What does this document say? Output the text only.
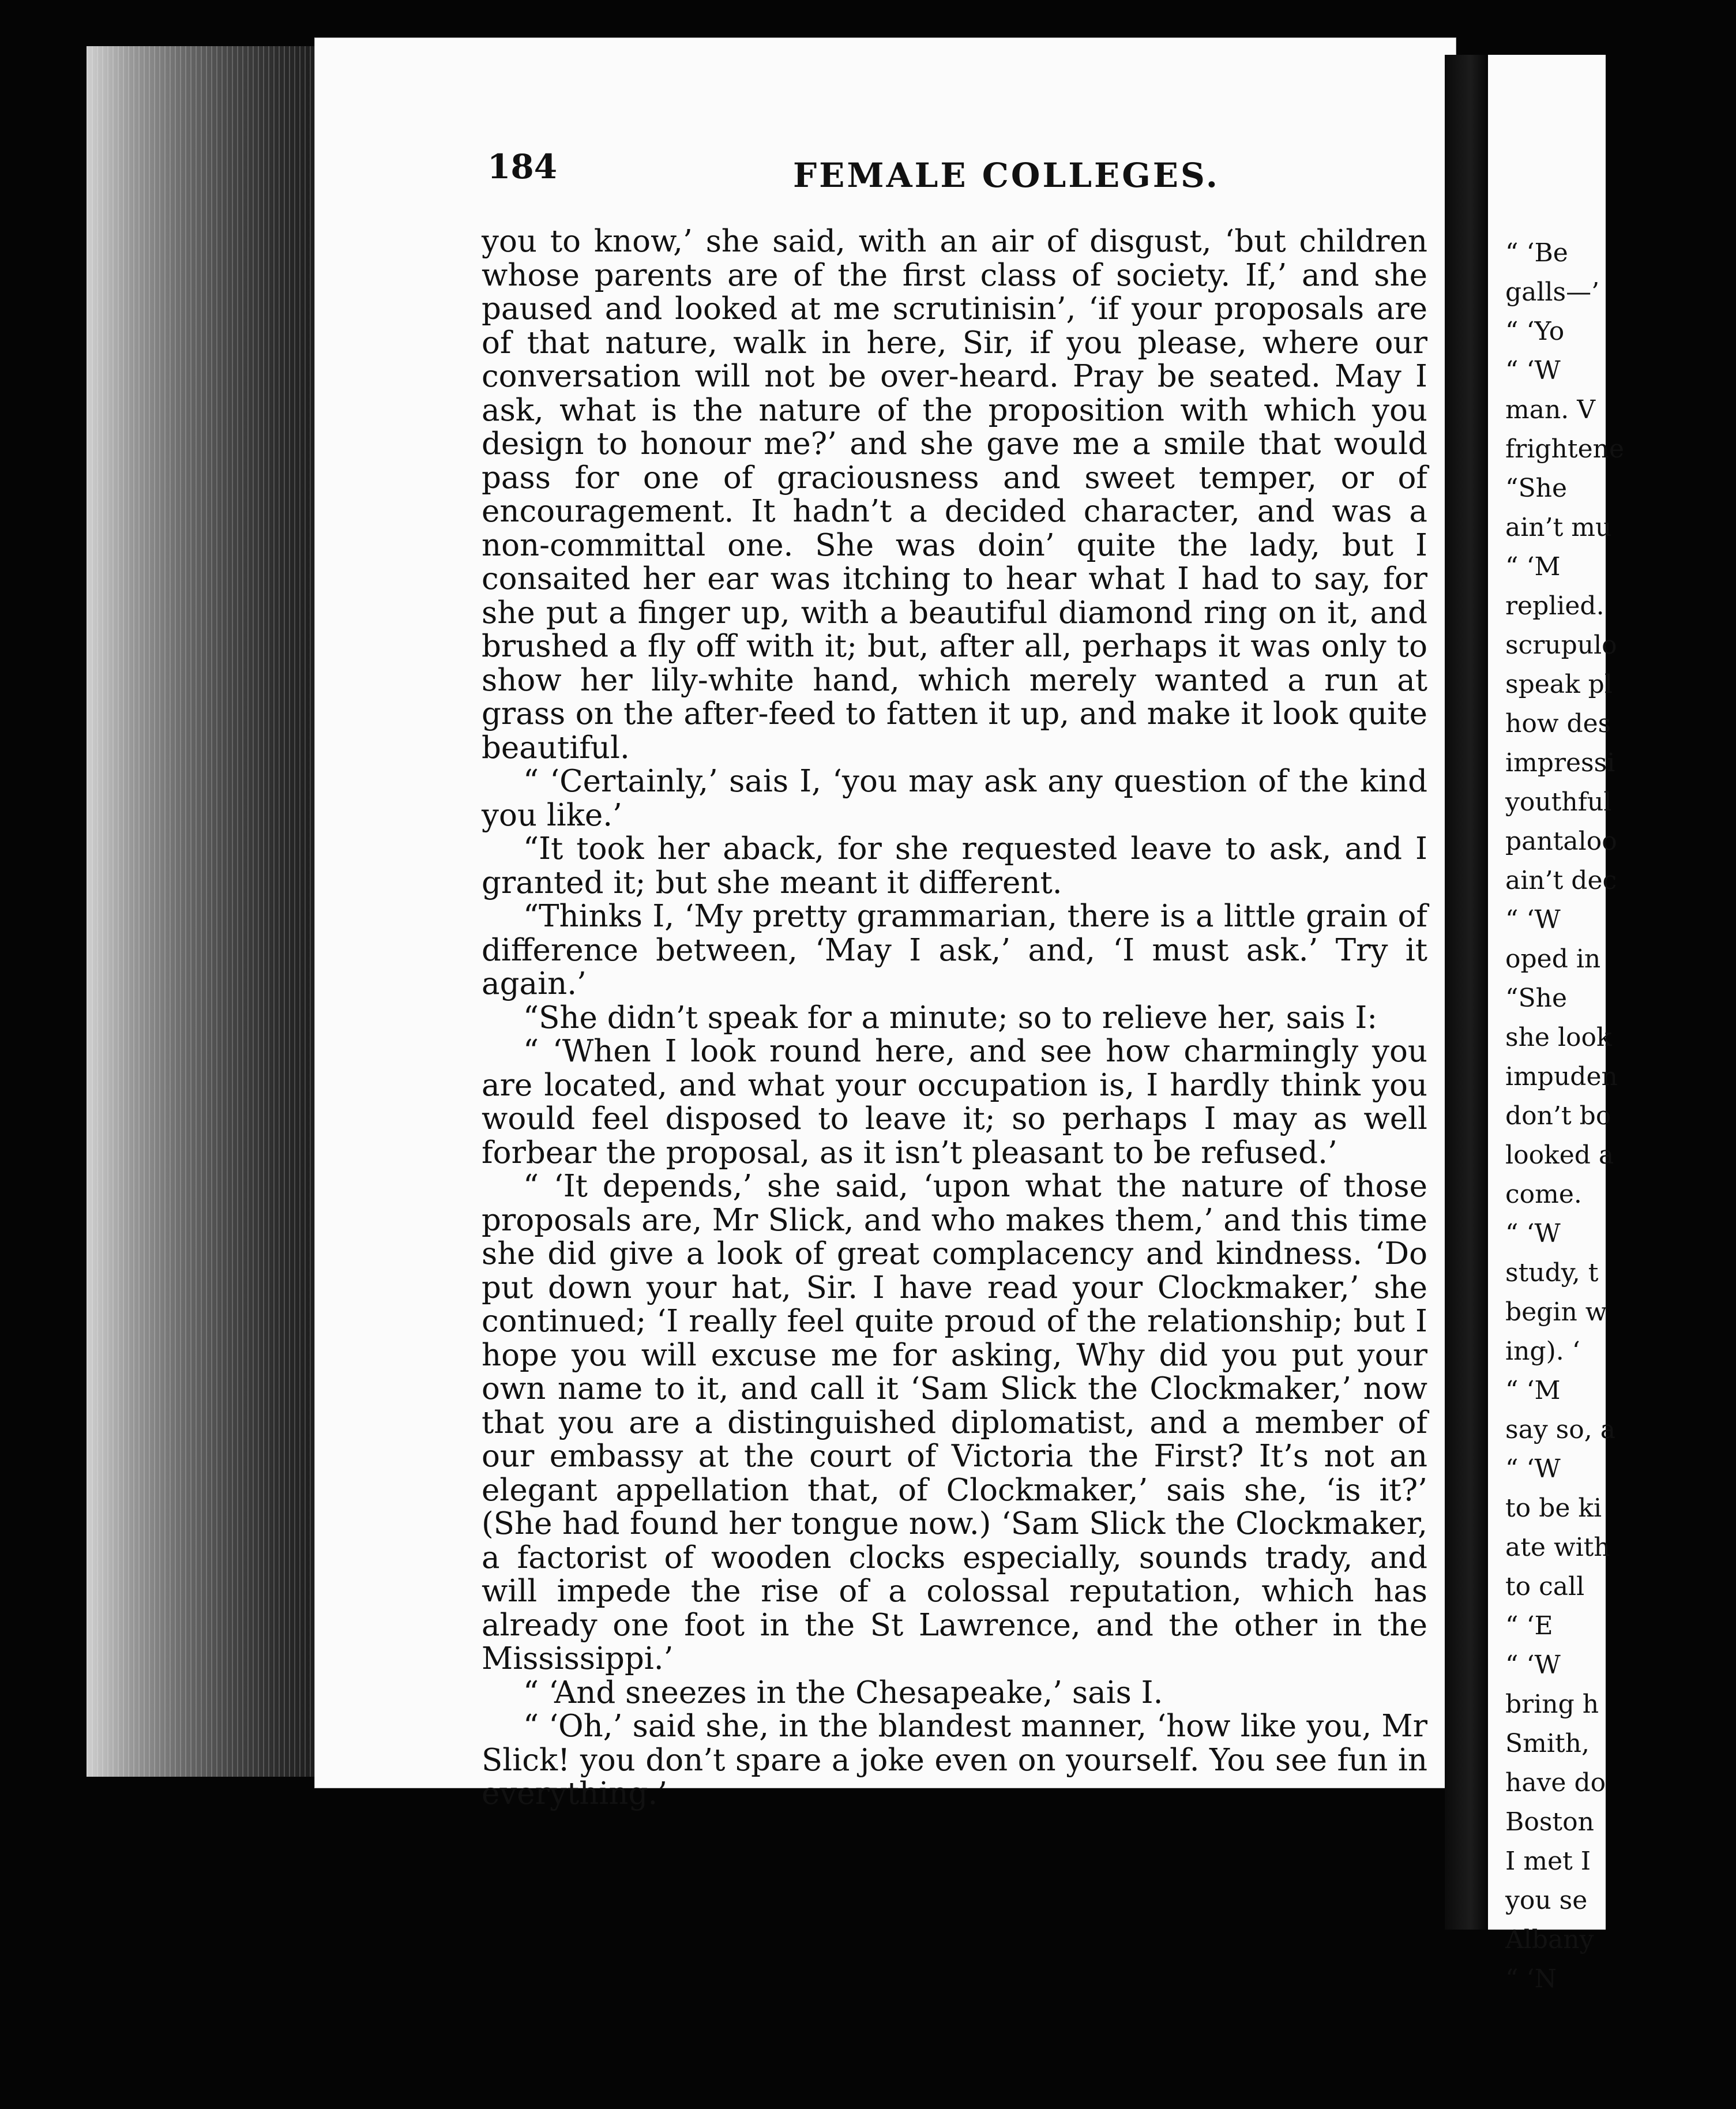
184	FEMALE COLLEGES.

you to know,’ she said, with an air of disgust, ‘but children whose parents are of the first class of society. If,’ and she paused and looked at me scrutinisin’, ‘if your proposals are of that nature, walk in here, Sir, if you please, where our conversation will not be over-heard. Pray be seated. May I ask, what is the nature of the proposition with which you design to honour me?’ and she gave me a smile that would pass for one of graciousness and sweet temper, or of encouragement. It hadn’t a decided character, and was a non-committal one. She was doin’ quite the lady, but I consaited her ear was itching to hear what I had to say, for she put a finger up, with a beautiful diamond ring on it, and brushed a fly off with it; but, after all, perhaps it was only to show her lily-white hand, which merely wanted a run at grass on the after-feed to fatten it up, and make it look quite beautiful.

“ ‘Certainly,’ sais I, ‘you may ask any question of the kind you like.’

“It took her aback, for she requested leave to ask, and I granted it; but she meant it different.

“Thinks I, ‘My pretty grammarian, there is a little grain of difference between, ‘May I ask,’ and, ‘I must ask.’ Try it again.’

“She didn’t speak for a minute; so to relieve her, sais I:

“ ‘When I look round here, and see how charmingly you are located, and what your occupation is, I hardly think you would feel disposed to leave it; so perhaps I may as well forbear the proposal, as it isn’t pleasant to be refused.’

“ ‘It depends,’ she said, ‘upon what the nature of those proposals are, Mr Slick, and who makes them,’ and this time she did give a look of great complacency and kindness. ‘Do put down your hat, Sir. I have read your Clockmaker,’ she continued; ‘I really feel quite proud of the relationship; but I hope you will excuse me for asking, Why did you put your own name to it, and call it ‘Sam Slick the Clockmaker,’ now that you are a distinguished diplomatist, and a member of our embassy at the court of Victoria the First? It’s not an elegant appellation that, of Clockmaker,’ sais she, ‘is it?’ (She had found her tongue now.) ‘Sam Slick the Clockmaker, a factorist of wooden clocks especially, sounds trady, and will impede the rise of a colossal reputation, which has already one foot in the St Lawrence, and the other in the Mississippi.’

“ ‘And sneezes in the Chesapeake,’ sais I.

“ ‘Oh,’ said she, in the blandest manner, ‘how like you, Mr Slick! you don’t spare a joke even on yourself. You see fun in everything.’

“ ‘Be
galls—’
“ ‘Yo
“ ‘W
man. V
frightene
“She
ain’t mu
“ ‘M
replied.
scrupulo
speak pl
how des
impressi
youthful
pantaloo
ain’t dec
“ ‘W
oped in
“She
she look
impuden
don’t bo
looked a
come.
“ ‘W
study, t
begin w
ing). ‘
“ ‘M
say so, a
“ ‘W
to be ki
ate with
to call
“ ‘E
“ ‘W
bring h
Smith,
have do
Boston
I met I
you se
Albany
“ ‘N
